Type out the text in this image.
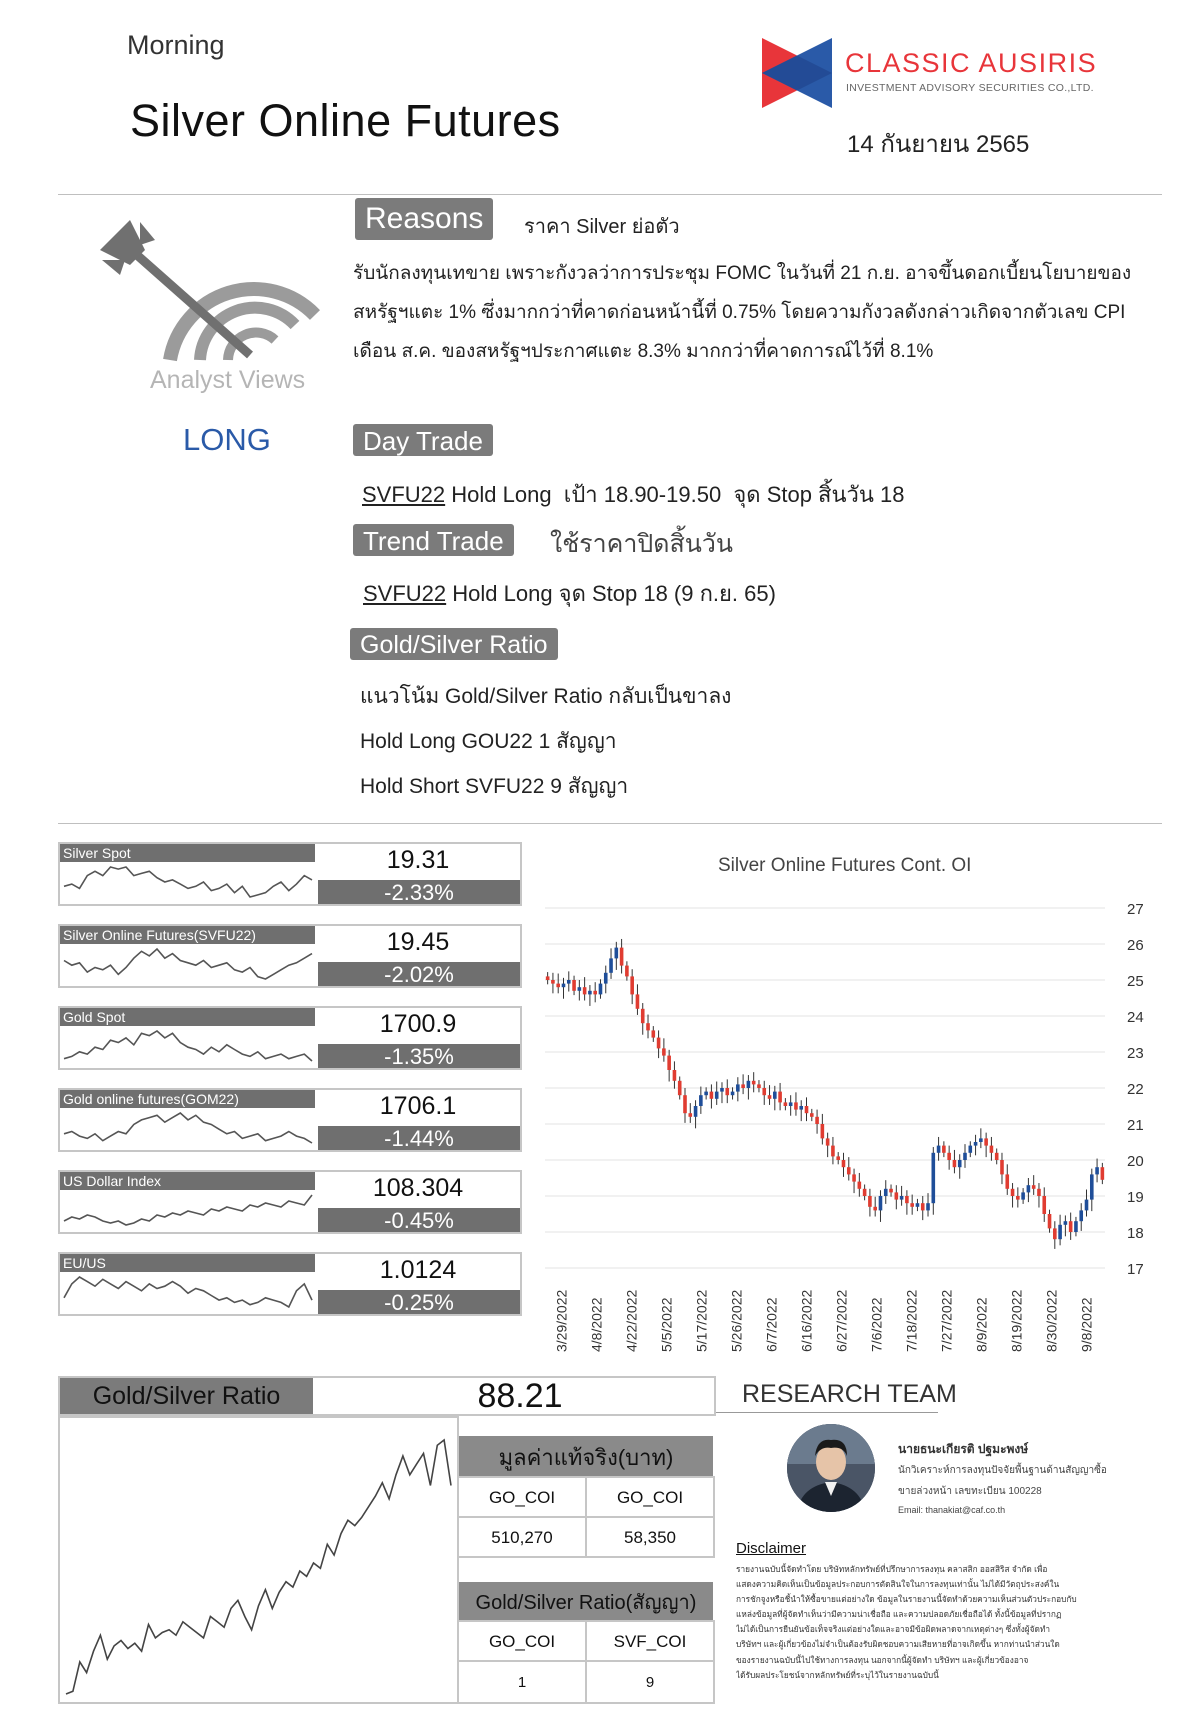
Morning
Silver Online Futures
CLASSIC AUSIRIS
INVESTMENT ADVISORY SECURITIES CO.,LTD.
14 กันยายน 2565
Analyst Views
LONG
Reasons	ราคา Silver ย่อตัว
รับนักลงทุนเทขาย เพราะกังวลว่าการประชุม FOMC ในวันที่ 21 ก.ย. อาจขึ้นดอกเบี้ยนโยบายของ
สหรัฐฯแตะ 1% ซึ่งมากกว่าที่คาดก่อนหน้านี้ที่ 0.75% โดยความกังวลดังกล่าวเกิดจากตัวเลข CPI
เดือน ส.ค. ของสหรัฐฯประกาศแตะ 8.3% มากกว่าที่คาดการณ์ไว้ที่ 8.1%
Day Trade
SVFU22 Hold Long  เป้า 18.90-19.50  จุด Stop สิ้นวัน 18
Trend Trade	ใช้ราคาปิดสิ้นวัน
SVFU22 Hold Long จุด Stop 18 (9 ก.ย. 65)
Gold/Silver Ratio
แนวโน้ม Gold/Silver Ratio กลับเป็นขาลง
Hold Long GOU22 1 สัญญา
Hold Short SVFU22 9 สัญญา
Silver Spot	19.31
-2.33%
Silver Online Futures(SVFU22)	19.45
-2.02%
Gold Spot	1700.9
-1.35%
Gold online futures(GOM22)	1706.1
-1.44%
US Dollar Index	108.304
-0.45%
EU/US	1.0124
-0.25%
Silver Online Futures Cont. OI
17
18
19
20
21
22
23
24
25
26
27
3/29/2022 4/8/2022 4/22/2022 5/5/2022 5/17/2022 5/26/2022 6/7/2022 6/16/2022 6/27/2022 7/6/2022 7/18/2022 7/27/2022 8/9/2022 8/19/2022 8/30/2022 9/8/2022
Gold/Silver Ratio	88.21
มูลค่าแท้จริง(บาท)
GO_COI	GO_COI
510,270	58,350
Gold/Silver Ratio(สัญญา)
GO_COI	SVF_COI
1	9
RESEARCH TEAM
นายธนะเกียรติ ปฐมะพงษ์
นักวิเคราะห์การลงทุนปัจจัยพื้นฐานด้านสัญญาซื้อ
ขายล่วงหน้า เลขทะเบียน 100228
Email: thanakiat@caf.co.th
Disclaimer
รายงานฉบับนี้จัดทำโดย บริษัทหลักทรัพย์ที่ปรึกษาการลงทุน คลาสสิก ออสสิริส จำกัด เพื่อ
แสดงความคิดเห็นเป็นข้อมูลประกอบการตัดสินใจในการลงทุนเท่านั้น ไม่ได้มีวัตถุประสงค์ใน
การชักจูงหรือชี้นำให้ซื้อขายแต่อย่างใด ข้อมูลในรายงานนี้จัดทำด้วยความเห็นส่วนตัวประกอบกับ
แหล่งข้อมูลที่ผู้จัดทำเห็นว่ามีความน่าเชื่อถือ และความปลอดภัยเชื่อถือได้ ทั้งนี้ข้อมูลที่ปรากฏ
ไม่ได้เป็นการยืนยันข้อเท็จจริงแต่อย่างใดและอาจมีข้อผิดพลาดจากเหตุต่างๆ ซึ่งทั้งผู้จัดทำ
บริษัทฯ และผู้เกี่ยวข้องไม่จำเป็นต้องรับผิดชอบความเสียหายที่อาจเกิดขึ้น หากท่านนำส่วนใด
ของรายงานฉบับนี้ไปใช้ทางการลงทุน นอกจากนี้ผู้จัดทำ บริษัทฯ และผู้เกี่ยวข้องอาจ
ได้รับผลประโยชน์จากหลักทรัพย์ที่ระบุไว้ในรายงานฉบับนี้
